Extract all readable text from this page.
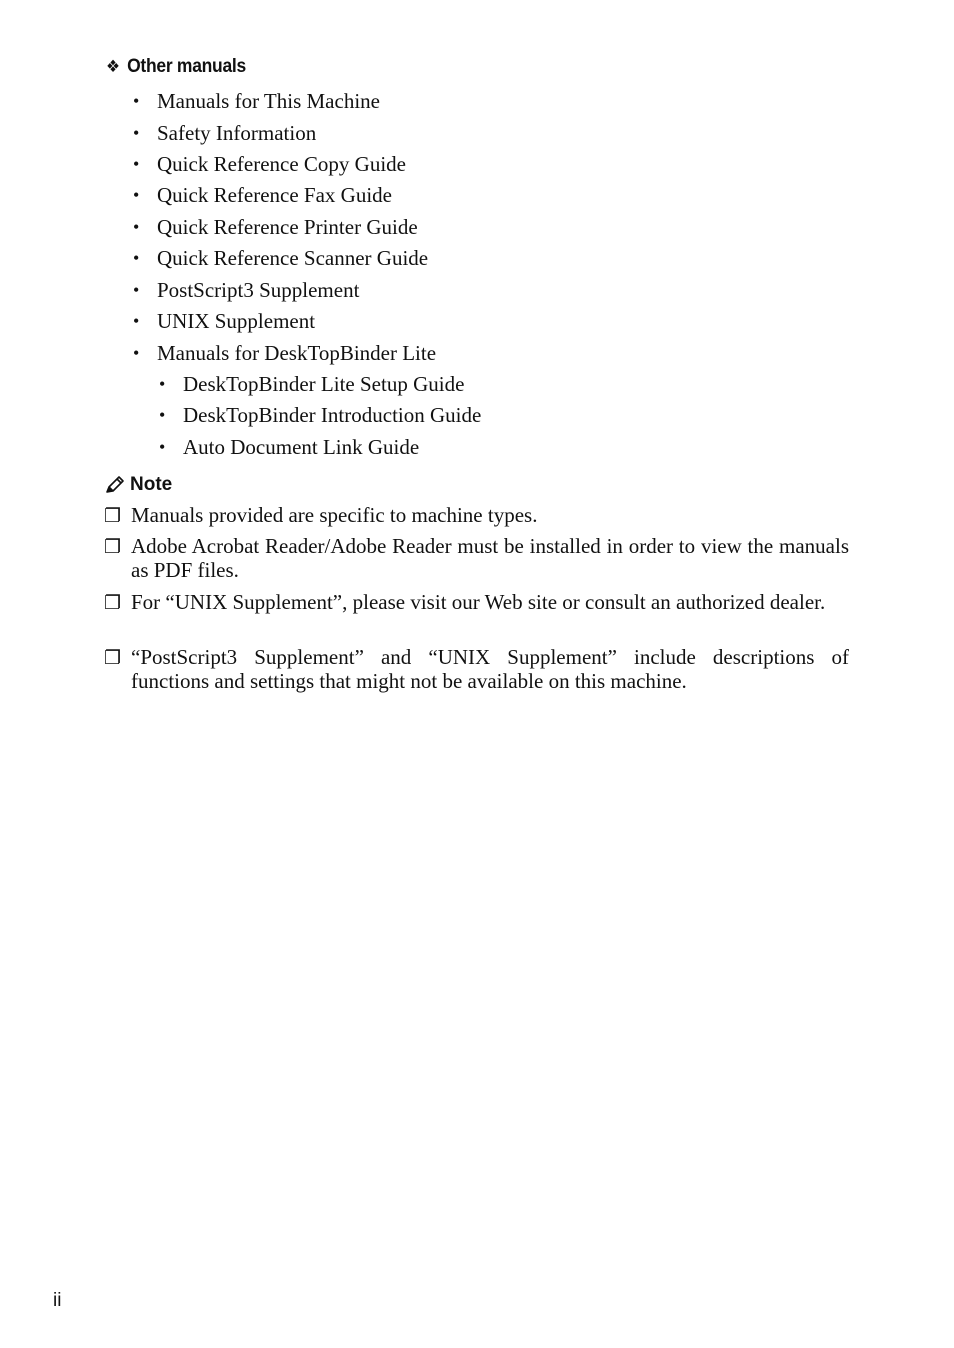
❖ Other manuals
• Manuals for This Machine
• Safety Information
• Quick Reference Copy Guide
• Quick Reference Fax Guide
• Quick Reference Printer Guide
• Quick Reference Scanner Guide
• PostScript3 Supplement
• UNIX Supplement
• Manuals for DeskTopBinder Lite
• DeskTopBinder Lite Setup Guide
• DeskTopBinder Introduction Guide
• Auto Document Link Guide
Note
❐ Manuals provided are specific to machine types.
❐ Adobe Acrobat Reader/Adobe Reader must be installed in order to view the manuals as PDF files.
❐ For “UNIX Supplement”, please visit our Web site or consult an authorized dealer.
❐ “PostScript3 Supplement” and “UNIX Supplement” include descriptions of functions and settings that might not be available on this machine.
ii
